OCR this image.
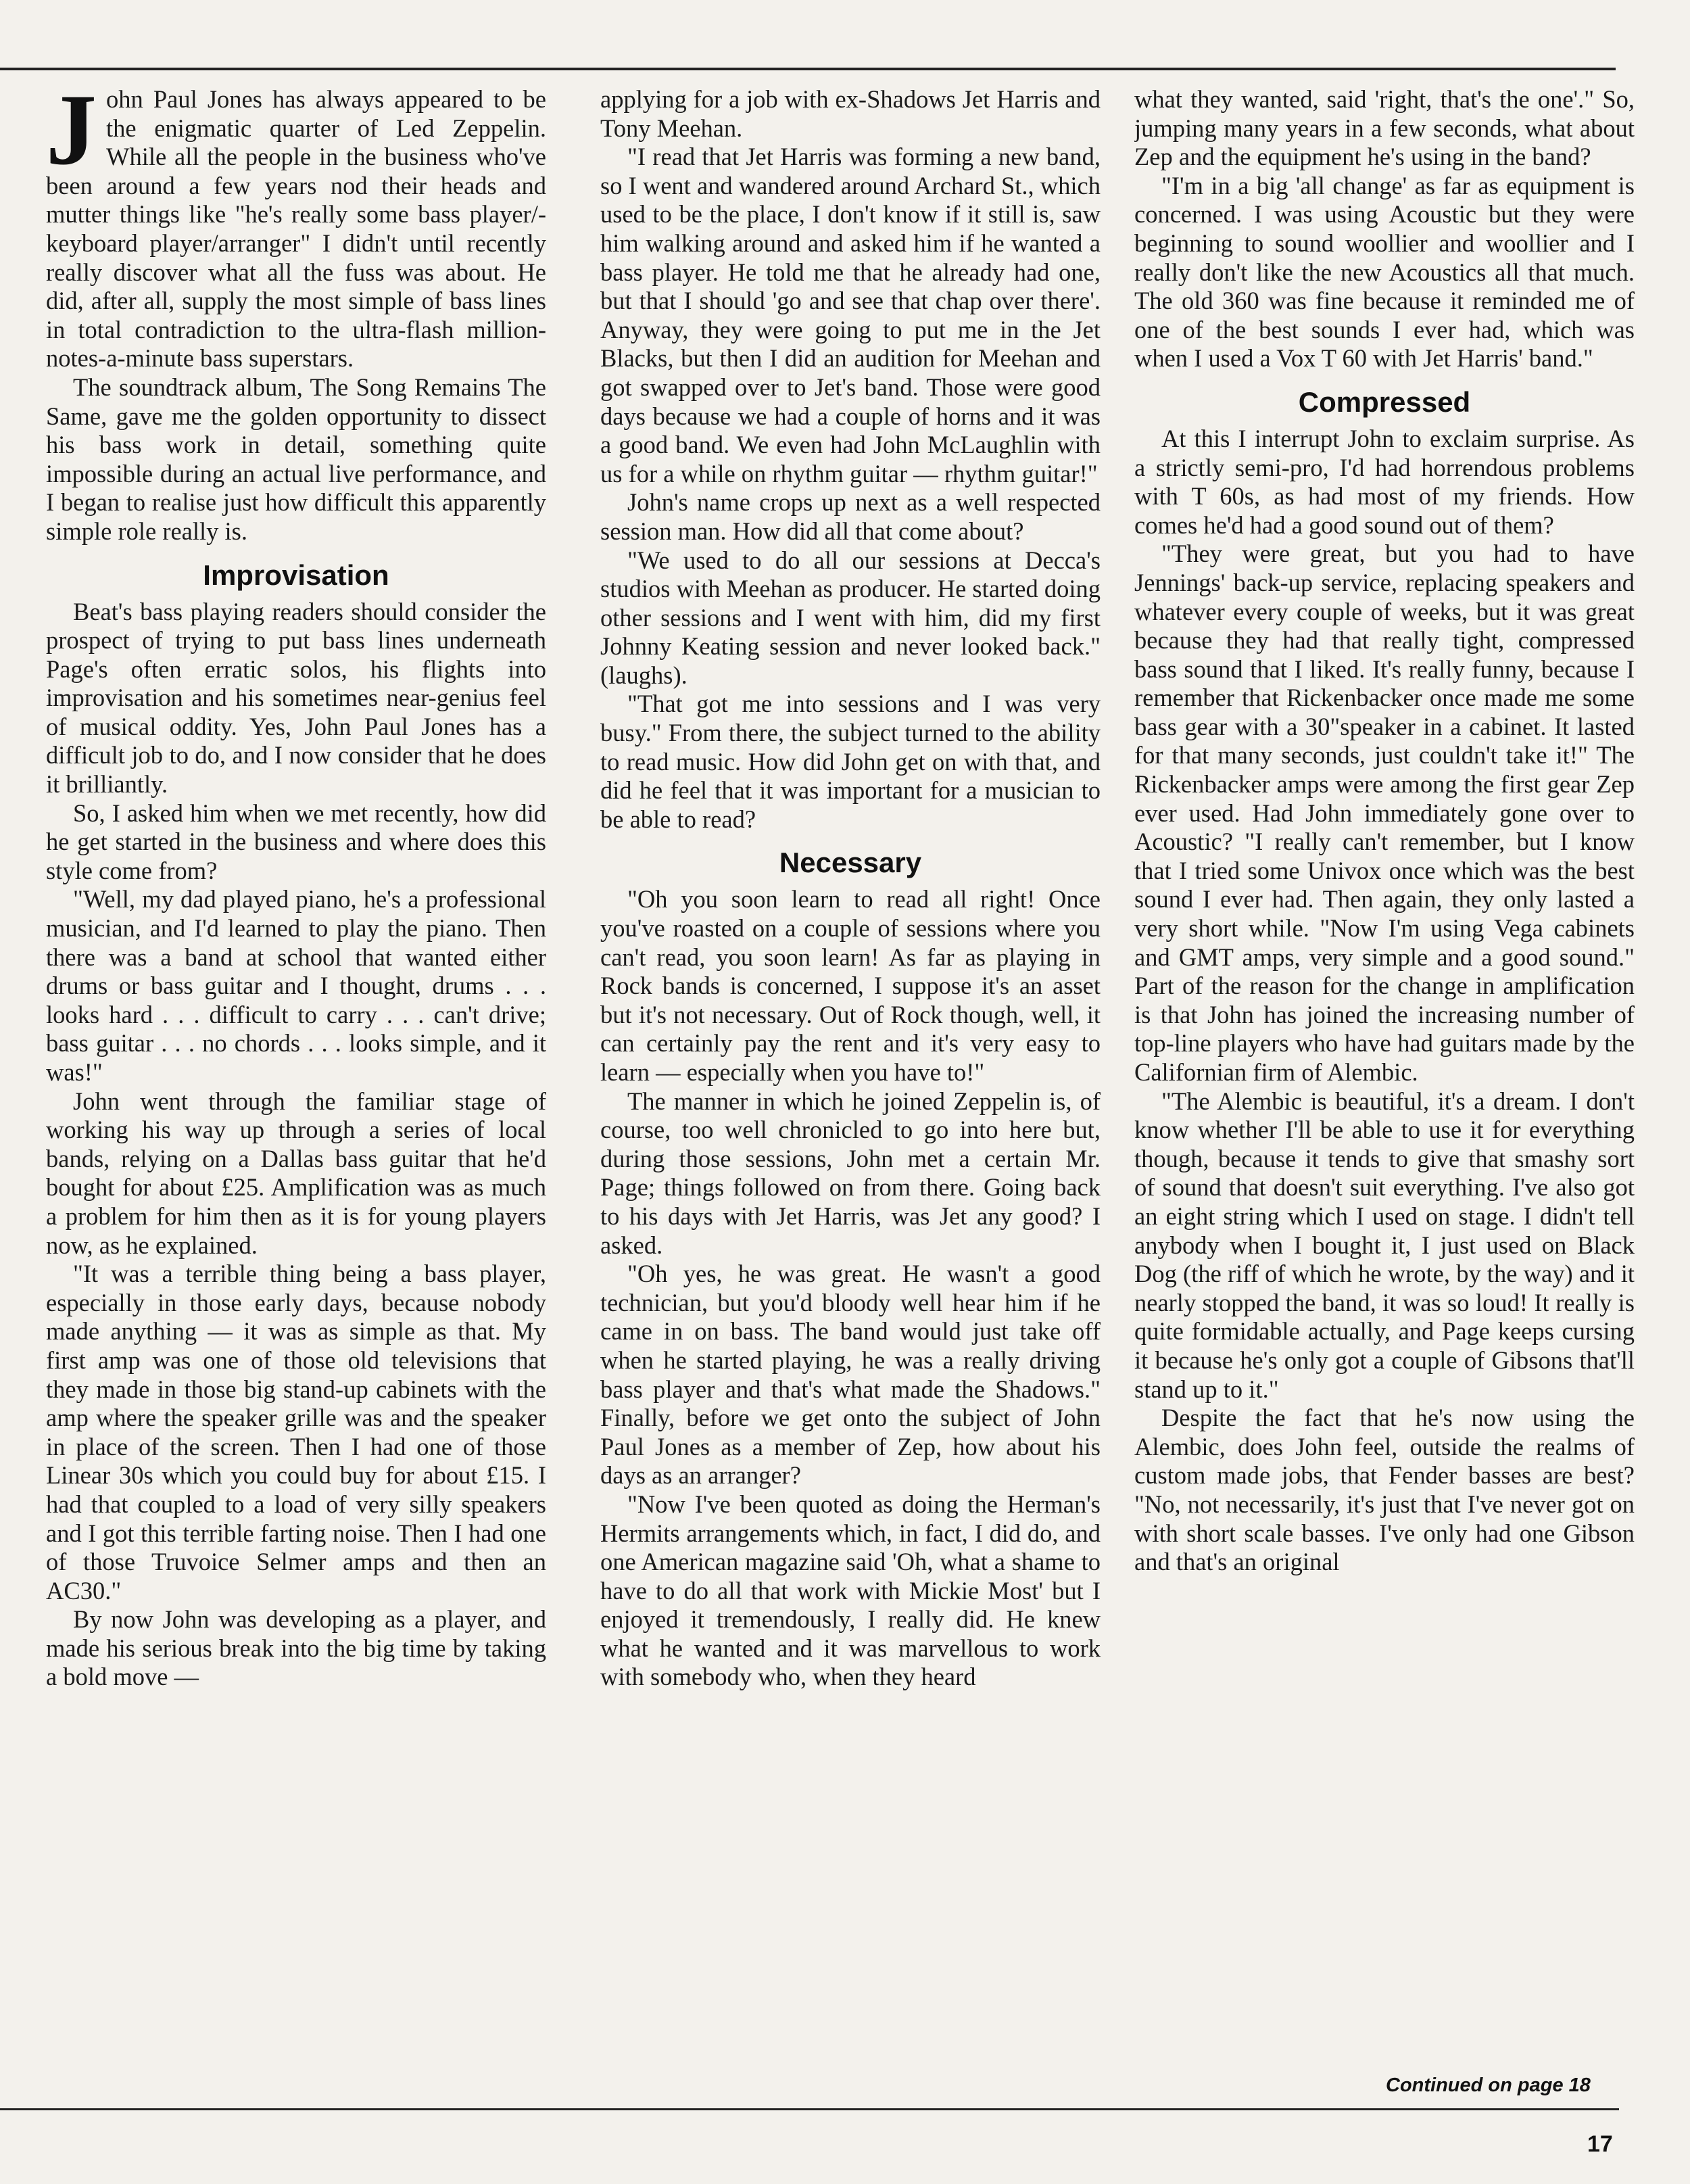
John Paul Jones has always appeared to be the enigmatic quarter of Led Zeppelin. While all the people in the business who've been around a few years nod their heads and mutter things like "he's really some bass player/-keyboard player/arranger" I didn't until recently really discover what all the fuss was about. He did, after all, supply the most simple of bass lines in total contradiction to the ultra-flash million-notes-a-minute bass superstars.

The soundtrack album, The Song Remains The Same, gave me the golden opportunity to dissect his bass work in detail, something quite impossible during an actual live performance, and I began to realise just how difficult this apparently simple role really is.

Improvisation

Beat's bass playing readers should consider the prospect of trying to put bass lines underneath Page's often erratic solos, his flights into improvisation and his sometimes near-genius feel of musical oddity. Yes, John Paul Jones has a difficult job to do, and I now consider that he does it brilliantly.

So, I asked him when we met recently, how did he get started in the business and where does this style come from?

"Well, my dad played piano, he's a professional musician, and I'd learned to play the piano. Then there was a band at school that wanted either drums or bass guitar and I thought, drums . . . looks hard . . . difficult to carry . . . can't drive; bass guitar . . . no chords . . . looks simple, and it was!"

John went through the familiar stage of working his way up through a series of local bands, relying on a Dallas bass guitar that he'd bought for about £25. Amplification was as much a problem for him then as it is for young players now, as he explained.

"It was a terrible thing being a bass player, especially in those early days, because nobody made anything — it was as simple as that. My first amp was one of those old televisions that they made in those big stand-up cabinets with the amp where the speaker grille was and the speaker in place of the screen. Then I had one of those Linear 30s which you could buy for about £15. I had that coupled to a load of very silly speakers and I got this terrible farting noise. Then I had one of those Truvoice Selmer amps and then an AC30."

By now John was developing as a player, and made his serious break into the big time by taking a bold move —

applying for a job with ex-Shadows Jet Harris and Tony Meehan.

"I read that Jet Harris was forming a new band, so I went and wandered around Archard St., which used to be the place, I don't know if it still is, saw him walking around and asked him if he wanted a bass player. He told me that he already had one, but that I should 'go and see that chap over there'. Anyway, they were going to put me in the Jet Blacks, but then I did an audition for Meehan and got swapped over to Jet's band. Those were good days because we had a couple of horns and it was a good band. We even had John McLaughlin with us for a while on rhythm guitar — rhythm guitar!"

John's name crops up next as a well respected session man. How did all that come about?

"We used to do all our sessions at Decca's studios with Meehan as producer. He started doing other sessions and I went with him, did my first Johnny Keating session and never looked back." (laughs).

"That got me into sessions and I was very busy." From there, the subject turned to the ability to read music. How did John get on with that, and did he feel that it was important for a musician to be able to read?

Necessary

"Oh you soon learn to read all right! Once you've roasted on a couple of sessions where you can't read, you soon learn! As far as playing in Rock bands is concerned, I suppose it's an asset but it's not necessary. Out of Rock though, well, it can certainly pay the rent and it's very easy to learn — especially when you have to!"

The manner in which he joined Zeppelin is, of course, too well chronicled to go into here but, during those sessions, John met a certain Mr. Page; things followed on from there. Going back to his days with Jet Harris, was Jet any good? I asked.

"Oh yes, he was great. He wasn't a good technician, but you'd bloody well hear him if he came in on bass. The band would just take off when he started playing, he was a really driving bass player and that's what made the Shadows." Finally, before we get onto the subject of John Paul Jones as a member of Zep, how about his days as an arranger?

"Now I've been quoted as doing the Herman's Hermits arrangements which, in fact, I did do, and one American magazine said 'Oh, what a shame to have to do all that work with Mickie Most' but I enjoyed it tremendously, I really did. He knew what he wanted and it was marvellous to work with somebody who, when they heard

what they wanted, said 'right, that's the one'." So, jumping many years in a few seconds, what about Zep and the equipment he's using in the band?

"I'm in a big 'all change' as far as equipment is concerned. I was using Acoustic but they were beginning to sound woollier and woollier and I really don't like the new Acoustics all that much. The old 360 was fine because it reminded me of one of the best sounds I ever had, which was when I used a Vox T 60 with Jet Harris' band."

Compressed

At this I interrupt John to exclaim surprise. As a strictly semi-pro, I'd had horrendous problems with T 60s, as had most of my friends. How comes he'd had a good sound out of them?

"They were great, but you had to have Jennings' back-up service, replacing speakers and whatever every couple of weeks, but it was great because they had that really tight, compressed bass sound that I liked. It's really funny, because I remember that Rickenbacker once made me some bass gear with a 30"speaker in a cabinet. It lasted for that many seconds, just couldn't take it!" The Rickenbacker amps were among the first gear Zep ever used. Had John immediately gone over to Acoustic? "I really can't remember, but I know that I tried some Univox once which was the best sound I ever had. Then again, they only lasted a very short while. "Now I'm using Vega cabinets and GMT amps, very simple and a good sound." Part of the reason for the change in amplification is that John has joined the increasing number of top-line players who have had guitars made by the Californian firm of Alembic.

"The Alembic is beautiful, it's a dream. I don't know whether I'll be able to use it for everything though, because it tends to give that smashy sort of sound that doesn't suit everything. I've also got an eight string which I used on stage. I didn't tell anybody when I bought it, I just used on Black Dog (the riff of which he wrote, by the way) and it nearly stopped the band, it was so loud! It really is quite formidable actually, and Page keeps cursing it because he's only got a couple of Gibsons that'll stand up to it."

Despite the fact that he's now using the Alembic, does John feel, outside the realms of custom made jobs, that Fender basses are best? "No, not necessarily, it's just that I've never got on with short scale basses. I've only had one Gibson and that's an original

Continued on page 18
17
